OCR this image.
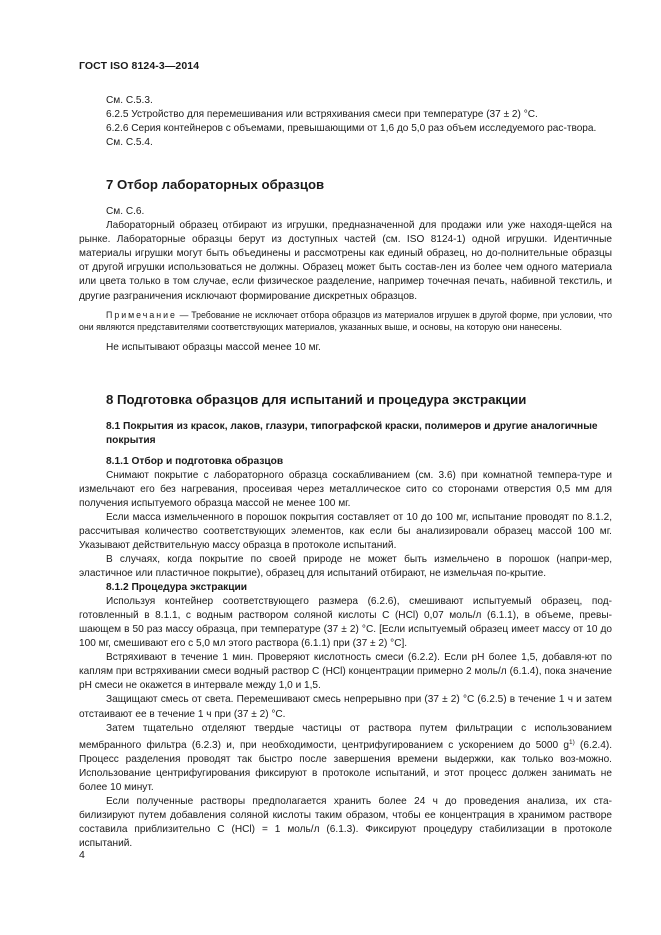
ГОСТ ISO 8124-3—2014

См. С.5.3.

6.2.5 Устройство для перемешивания или встряхивания смеси при температуре (37 ± 2) °С.

6.2.6 Серия контейнеров с объемами, превышающими от 1,6 до 5,0 раз объем исследуемого рас-твора.

См. С.5.4.

7 Отбор лабораторных образцов

См. С.6.

Лабораторный образец отбирают из игрушки, предназначенной для продажи или уже находя-щейся на рынке. Лабораторные образцы берут из доступных частей (см. ISO 8124-1) одной игрушки. Идентичные материалы игрушки могут быть объединены и рассмотрены как единый образец, но до-полнительные образцы от другой игрушки использоваться не должны. Образец может быть состав-лен из более чем одного материала или цвета только в том случае, если физическое разделение, например точечная печать, набивной текстиль, и другие разграничения исключают формирование дискретных образцов.

Примечание — Требование не исключает отбора образцов из материалов игрушек в другой форме, при условии, что они являются представителями соответствующих материалов, указанных выше, и основы, на которую они нанесены.

Не испытывают образцы массой менее 10 мг.

8 Подготовка образцов для испытаний и процедура экстракции

8.1 Покрытия из красок, лаков, глазури, типографской краски, полимеров и другие аналогичные покрытия

8.1.1 Отбор и подготовка образцов

Снимают покрытие с лабораторного образца соскабливанием (см. 3.6) при комнатной темпера-туре и измельчают его без нагревания, просеивая через металлическое сито со сторонами отверстия 0,5 мм для получения испытуемого образца массой не менее 100 мг.

Если масса измельченного в порошок покрытия составляет от 10 до 100 мг, испытание проводят по 8.1.2, рассчитывая количество соответствующих элементов, как если бы анализировали образец массой 100 мг. Указывают действительную массу образца в протоколе испытаний.

В случаях, когда покрытие по своей природе не может быть измельчено в порошок (напри-мер, эластичное или пластичное покрытие), образец для испытаний отбирают, не измельчая по-крытие.

8.1.2 Процедура экстракции

Используя контейнер соответствующего размера (6.2.6), смешивают испытуемый образец, под-готовленный в 8.1.1, с водным раствором соляной кислоты С (HCl) 0,07 моль/л (6.1.1), в объеме, превы-шающем в 50 раз массу образца, при температуре (37 ± 2) °С. [Если испытуемый образец имеет массу от 10 до 100 мг, смешивают его с 5,0 мл этого раствора (6.1.1) при (37 ± 2) °С].

Встряхивают в течение 1 мин. Проверяют кислотность смеси (6.2.2). Если pH более 1,5, добавля-ют по каплям при встряхивании смеси водный раствор С (HCl) концентрации примерно 2 моль/л (6.1.4), пока значение pH смеси не окажется в интервале между 1,0 и 1,5.

Защищают смесь от света. Перемешивают смесь непрерывно при (37 ± 2) °С (6.2.5) в течение 1 ч и затем отстаивают ее в течение 1 ч при (37 ± 2) °С.

Затем тщательно отделяют твердые частицы от раствора путем фильтрации с использованием мембранного фильтра (6.2.3) и, при необходимости, центрифугированием с ускорением до 5000 $g^{1)}$ (6.2.4). Процесс разделения проводят так быстро после завершения времени выдержки, как только воз-можно. Использование центрифугирования фиксируют в протоколе испытаний, и этот процесс должен занимать не более 10 минут.

Если полученные растворы предполагается хранить более 24 ч до проведения анализа, их ста-билизируют путем добавления соляной кислоты таким образом, чтобы ее концентрация в хранимом растворе составила приблизительно С (HCl) = 1 моль/л (6.1.3). Фиксируют процедуру стабилизации в протоколе испытаний.

4
